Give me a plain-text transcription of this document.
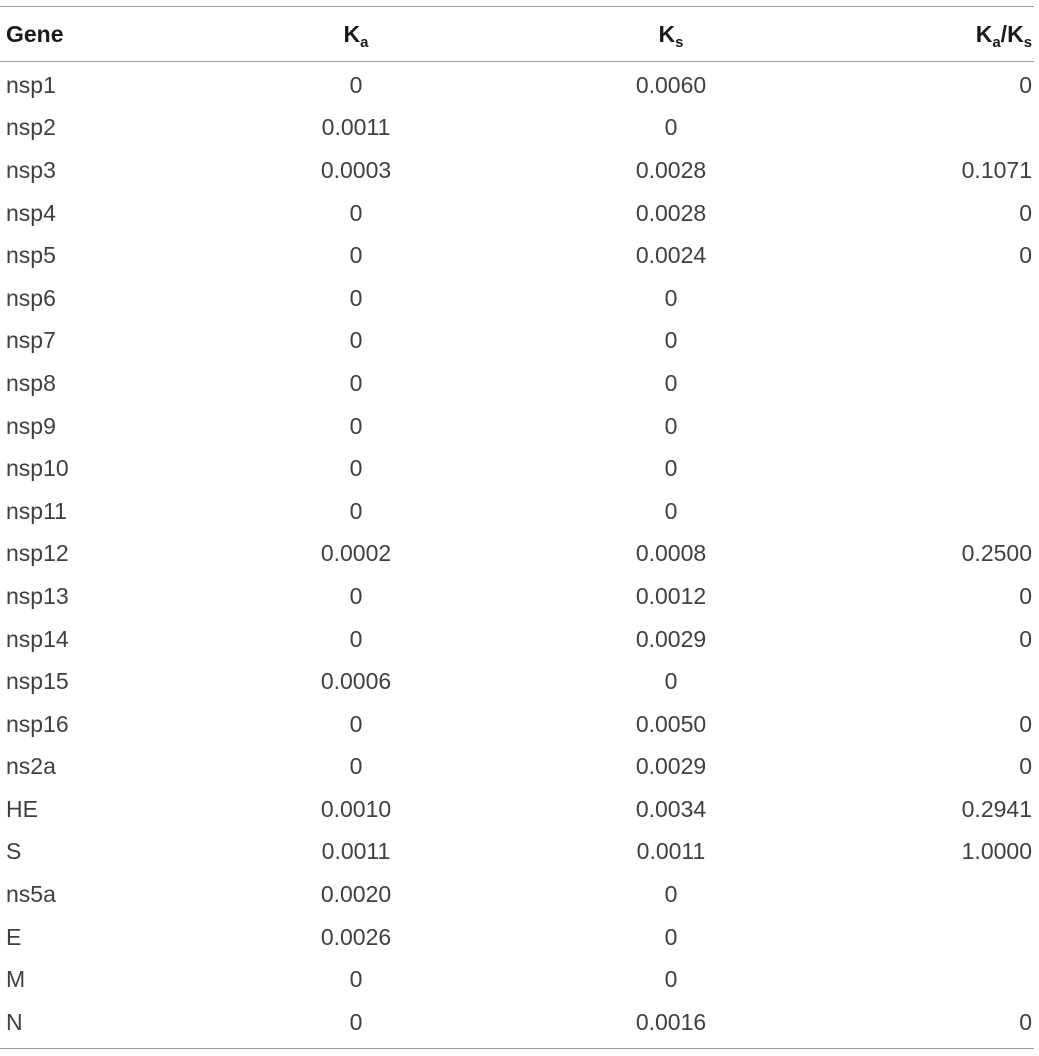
Gene	$K_a$	$K_s$	$K_a/K_s$
nsp1	0	0.0060	0
nsp2	0.0011	0
nsp3	0.0003	0.0028	0.1071
nsp4	0	0.0028	0
nsp5	0	0.0024	0
nsp6	0	0
nsp7	0	0
nsp8	0	0
nsp9	0	0
nsp10	0	0
nsp11	0	0
nsp12	0.0002	0.0008	0.2500
nsp13	0	0.0012	0
nsp14	0	0.0029	0
nsp15	0.0006	0
nsp16	0	0.0050	0
ns2a	0	0.0029	0
HE	0.0010	0.0034	0.2941
S	0.0011	0.0011	1.0000
ns5a	0.0020	0
E	0.0026	0
M	0	0
N	0	0.0016	0
